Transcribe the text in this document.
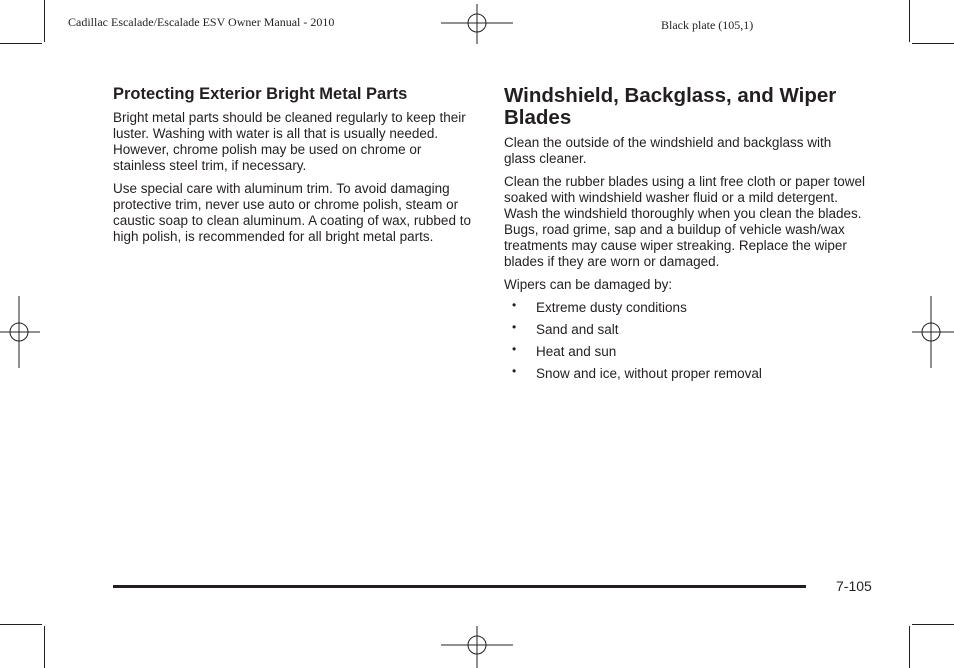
Cadillac Escalade/Escalade ESV Owner Manual - 2010	Black plate (105,1)
Protecting Exterior Bright Metal Parts

Bright metal parts should be cleaned regularly to keep their luster. Washing with water is all that is usually needed. However, chrome polish may be used on chrome or stainless steel trim, if necessary.

Use special care with aluminum trim. To avoid damaging protective trim, never use auto or chrome polish, steam or caustic soap to clean aluminum. A coating of wax, rubbed to high polish, is recommended for all bright metal parts.

Windshield, Backglass, and Wiper Blades

Clean the outside of the windshield and backglass with glass cleaner.

Clean the rubber blades using a lint free cloth or paper towel soaked with windshield washer fluid or a mild detergent. Wash the windshield thoroughly when you clean the blades. Bugs, road grime, sap and a buildup of vehicle wash/wax treatments may cause wiper streaking. Replace the wiper blades if they are worn or damaged.

Wipers can be damaged by:

• Extreme dusty conditions
• Sand and salt
• Heat and sun
• Snow and ice, without proper removal
7-105
